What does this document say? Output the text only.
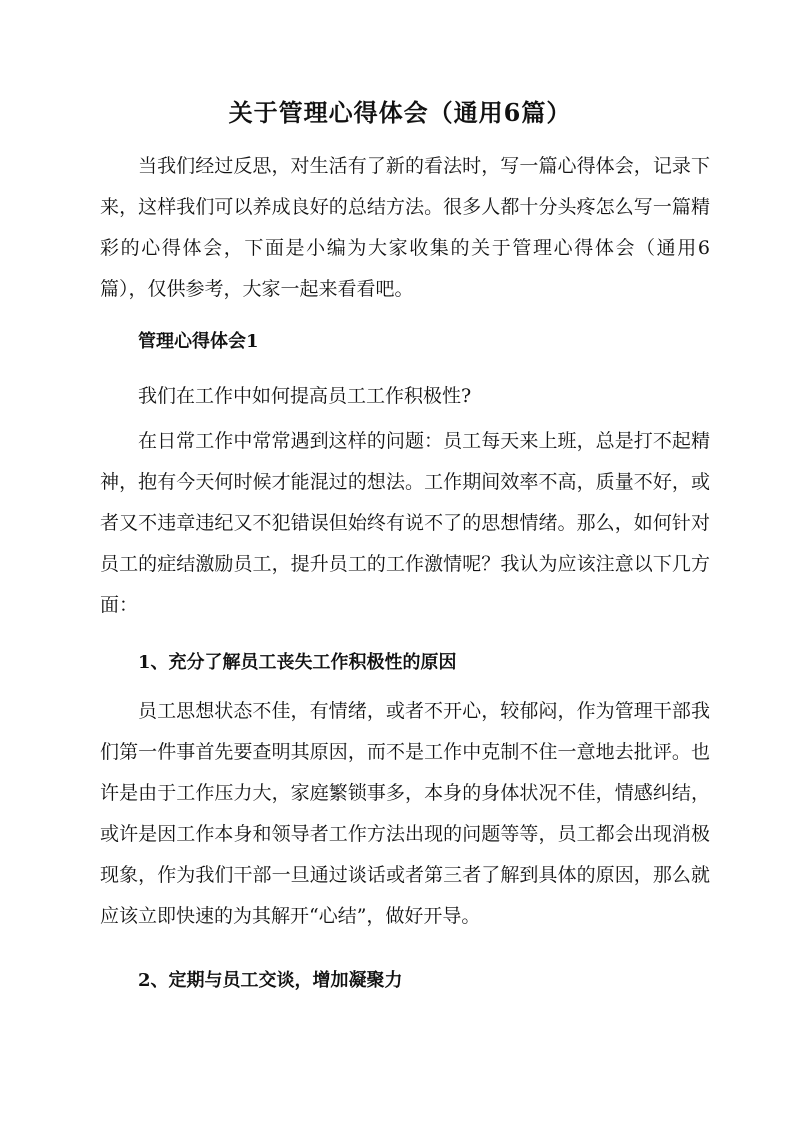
关于管理心得体会（通用6篇）

当我们经过反思，对生活有了新的看法时，写一篇心得体会，记录下来，这样我们可以养成良好的总结方法。很多人都十分头疼怎么写一篇精彩的心得体会，下面是小编为大家收集的关于管理心得体会（通用6篇），仅供参考，大家一起来看看吧。

管理心得体会1

我们在工作中如何提高员工工作积极性?

在日常工作中常常遇到这样的问题：员工每天来上班，总是打不起精神，抱有今天何时候才能混过的想法。工作期间效率不高，质量不好，或者又不违章违纪又不犯错误但始终有说不了的思想情绪。那么，如何针对员工的症结激励员工，提升员工的工作激情呢？我认为应该注意以下几方面：

1、充分了解员工丧失工作积极性的原因

员工思想状态不佳，有情绪，或者不开心，较郁闷，作为管理干部我们第一件事首先要查明其原因，而不是工作中克制不住一意地去批评。也许是由于工作压力大，家庭繁锁事多，本身的身体状况不佳，情感纠结，或许是因工作本身和领导者工作方法出现的问题等等，员工都会出现消极现象，作为我们干部一旦通过谈话或者第三者了解到具体的原因，那么就应该立即快速的为其解开“心结”，做好开导。

2、定期与员工交谈，增加凝聚力
